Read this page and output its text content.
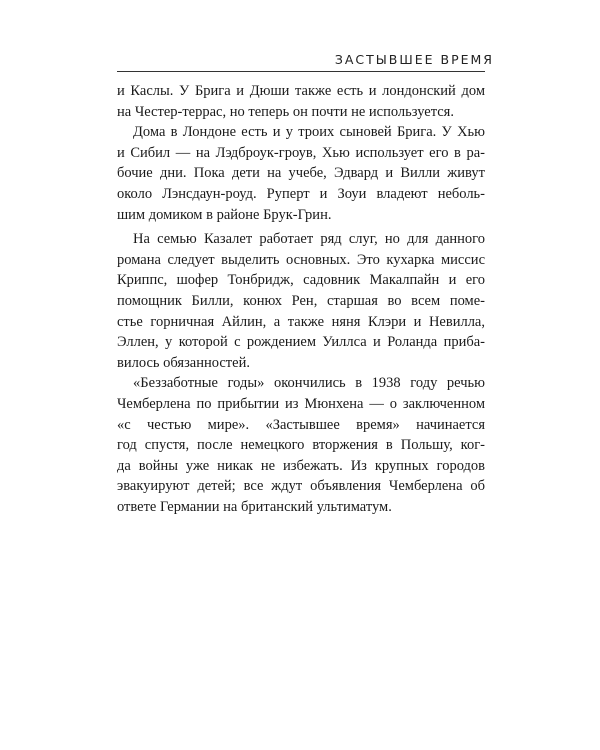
ЗАСТЫВШЕЕ ВРЕМЯ
и Каслы. У Брига и Дюши также есть и лондонский дом
на Честер-террас, но теперь он почти не используется.
Дома в Лондоне есть и у троих сыновей Брига. У Хью
и Сибил — на Лэдброук-гроув, Хью использует его в ра-
бочие дни. Пока дети на учебе, Эдвард и Вилли живут
около Лэнсдаун-роуд. Руперт и Зоуи владеют неболь-
шим домиком в районе Брук-Грин.
На семью Казалет работает ряд слуг, но для данного
романа следует выделить основных. Это кухарка миссис
Криппс, шофер Тонбридж, садовник Макалпайн и его
помощник Билли, конюх Рен, старшая во всем поме-
стье горничная Айлин, а также няня Клэри и Невилла,
Эллен, у которой с рождением Уиллса и Роланда приба-
вилось обязанностей.
«Беззаботные годы» окончились в 1938 году речью
Чемберлена по прибытии из Мюнхена — о заключенном
«с честью мире». «Застывшее время» начинается
год спустя, после немецкого вторжения в Польшу, ког-
да войны уже никак не избежать. Из крупных городов
эвакуируют детей; все ждут объявления Чемберлена об
ответе Германии на британский ультиматум.
